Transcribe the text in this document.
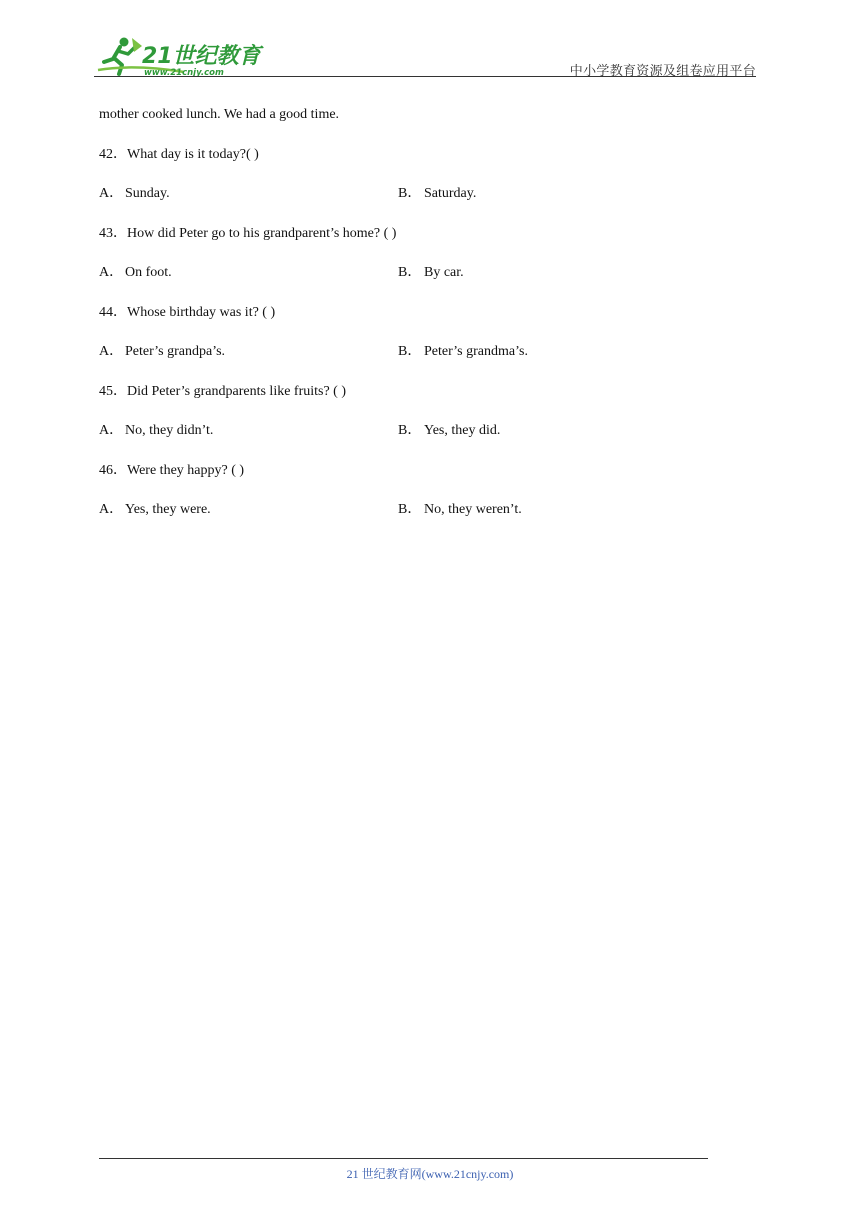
21世纪教育
www.21cnjy.com	中小学教育资源及组卷应用平台
mother cooked lunch. We had a good time.
42．What day is it today?( )
A． Sunday.	B． Saturday.
43．How did Peter go to his grandparent’s home? ( )
A． On foot.	B． By car.
44．Whose birthday was it? ( )
A． Peter’s grandpa’s.	B． Peter’s grandma’s.
45．Did Peter’s grandparents like fruits? ( )
A． No, they didn’t.	B． Yes, they did.
46．Were they happy? ( )
A． Yes, they were.	B． No, they weren’t.
21 世纪教育网(www.21cnjy.com)
